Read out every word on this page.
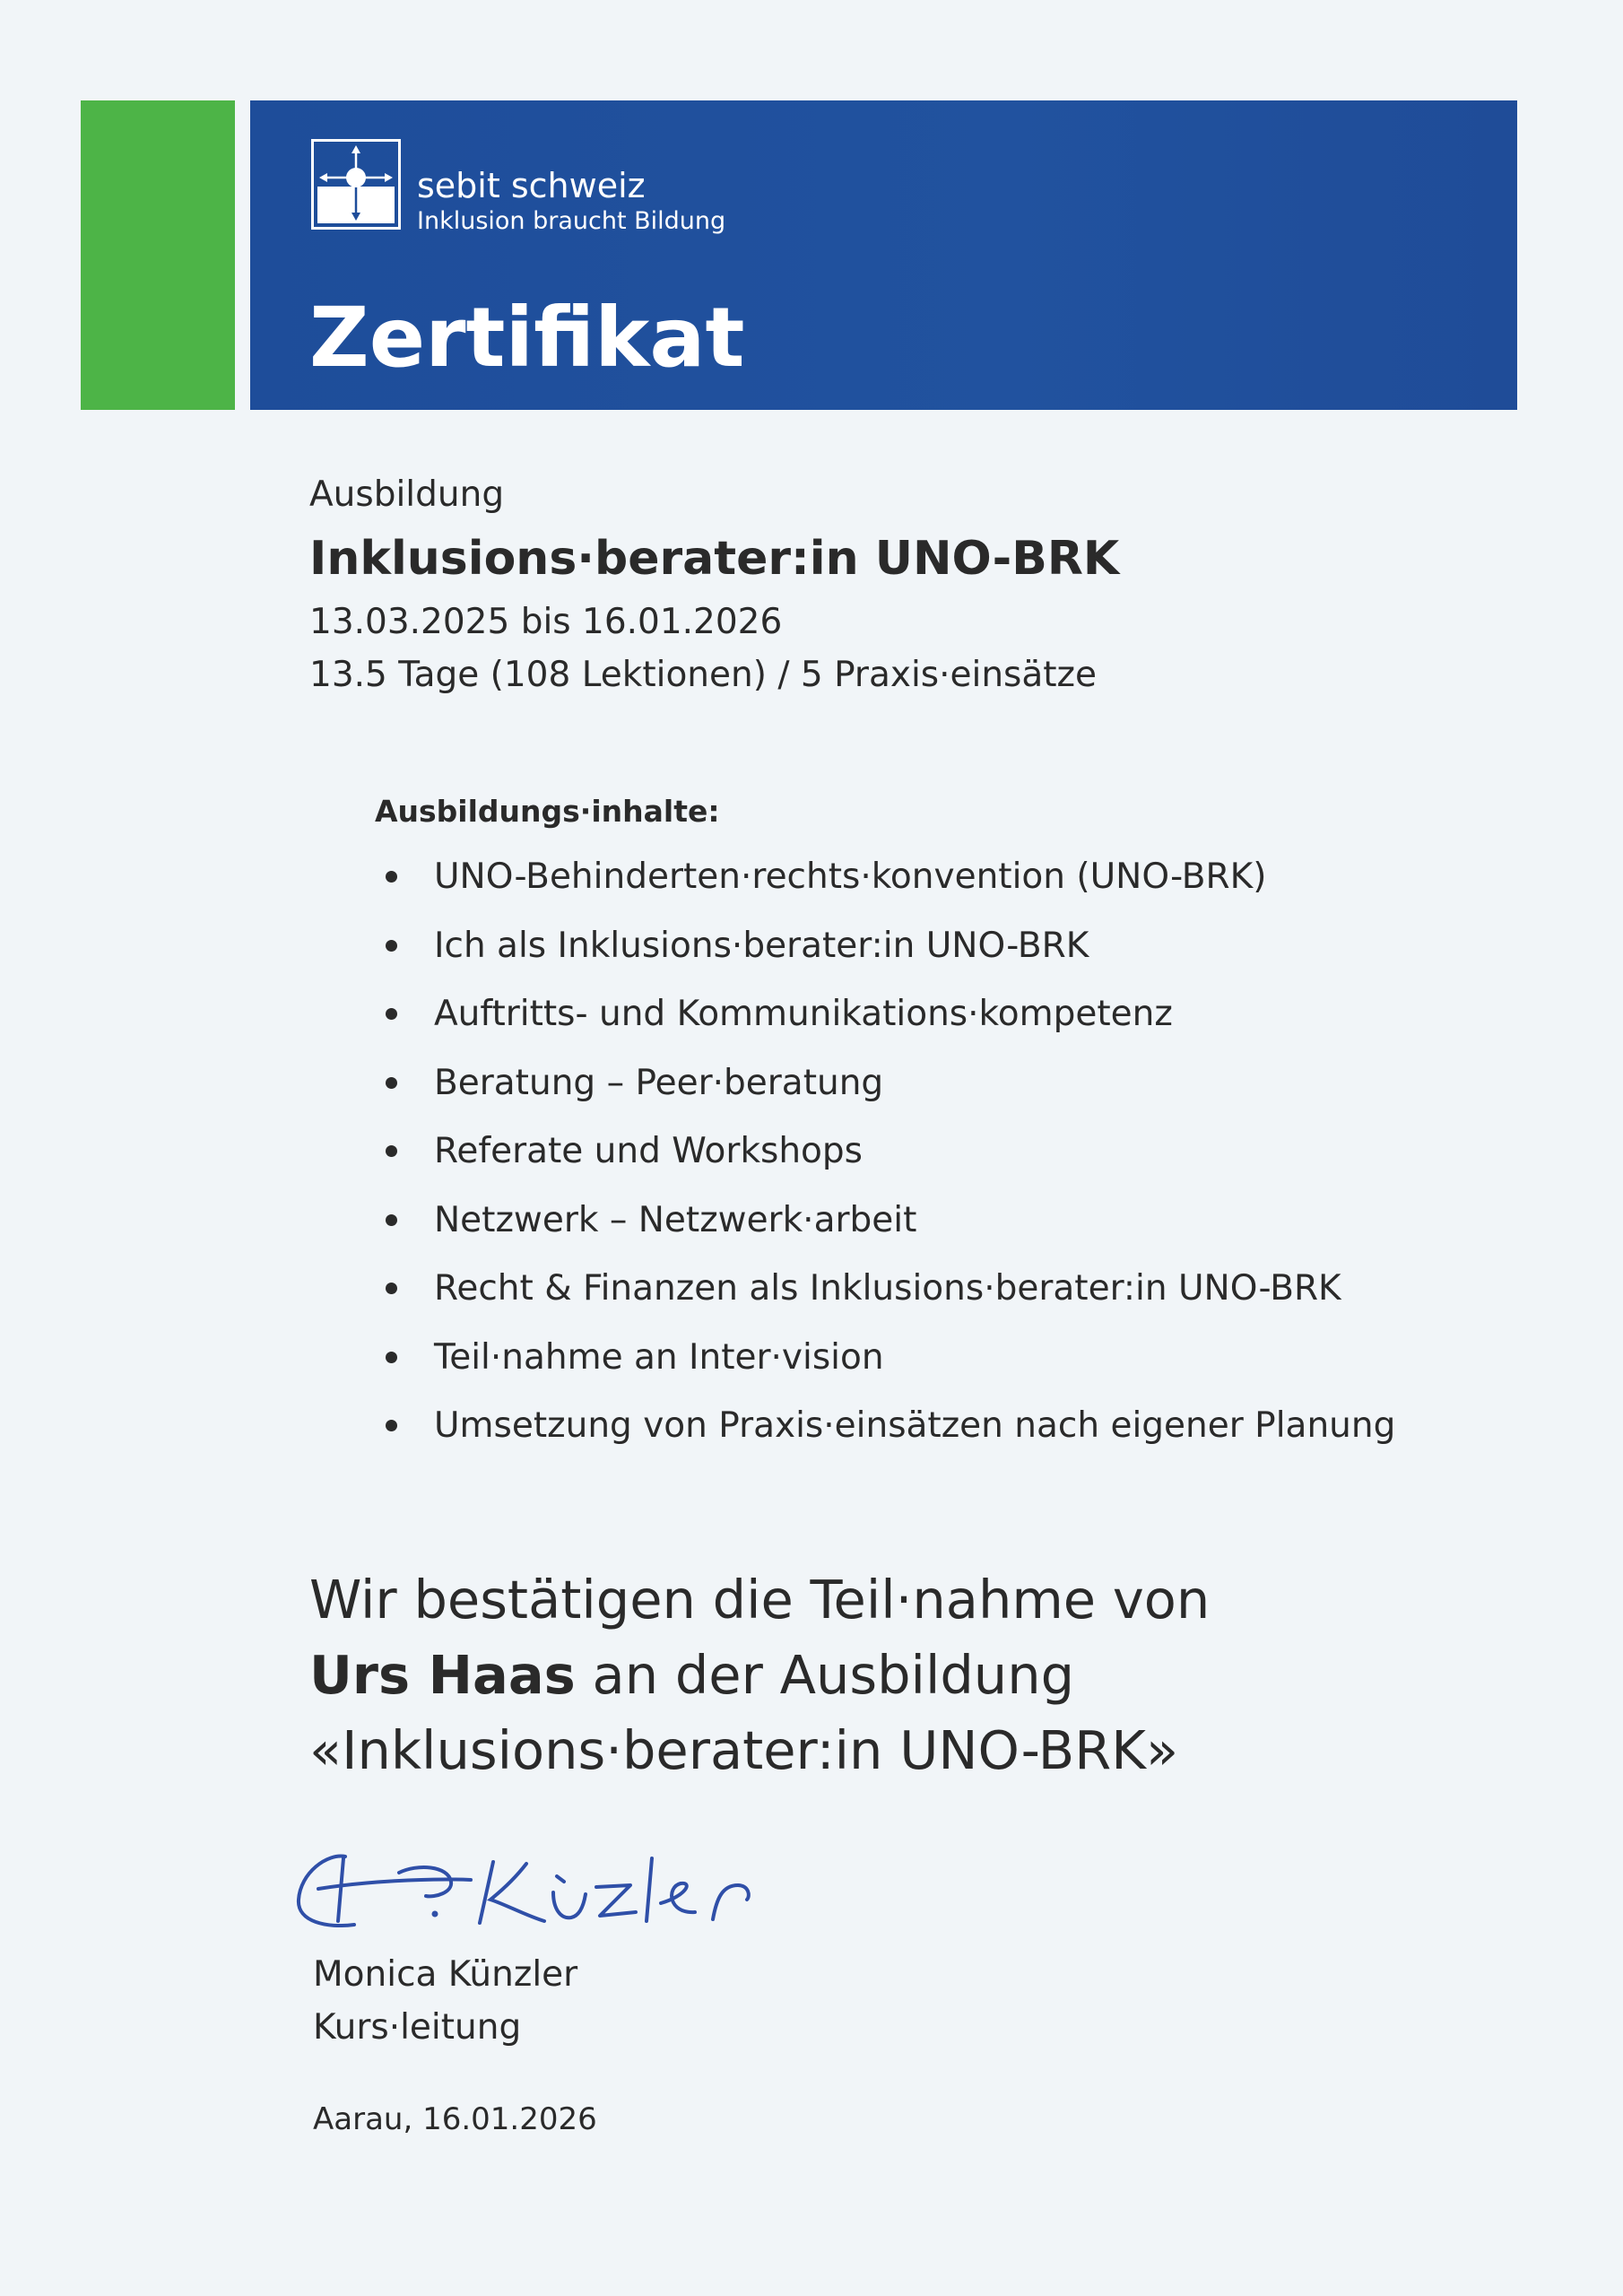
sebit schweiz
Inklusion braucht Bildung
Zertifikat
Ausbildung
Inklusions·berater:in UNO-BRK
13.03.2025 bis 16.01.2026
13.5 Tage (108 Lektionen) / 5 Praxis·einsätze
Ausbildungs·inhalte:
UNO-Behinderten·rechts·konvention (UNO-BRK)
Ich als Inklusions·berater:in UNO-BRK
Auftritts- und Kommunikations·kompetenz
Beratung – Peer·beratung
Referate und Workshops
Netzwerk – Netzwerk·arbeit
Recht & Finanzen als Inklusions·berater:in UNO-BRK
Teil·nahme an Inter·vision
Umsetzung von Praxis·einsätzen nach eigener Planung
Wir bestätigen die Teil·nahme von
Urs Haas an der Ausbildung
«Inklusions·berater:in UNO-BRK»
Monica Künzler
Kurs·leitung
Aarau, 16.01.2026
